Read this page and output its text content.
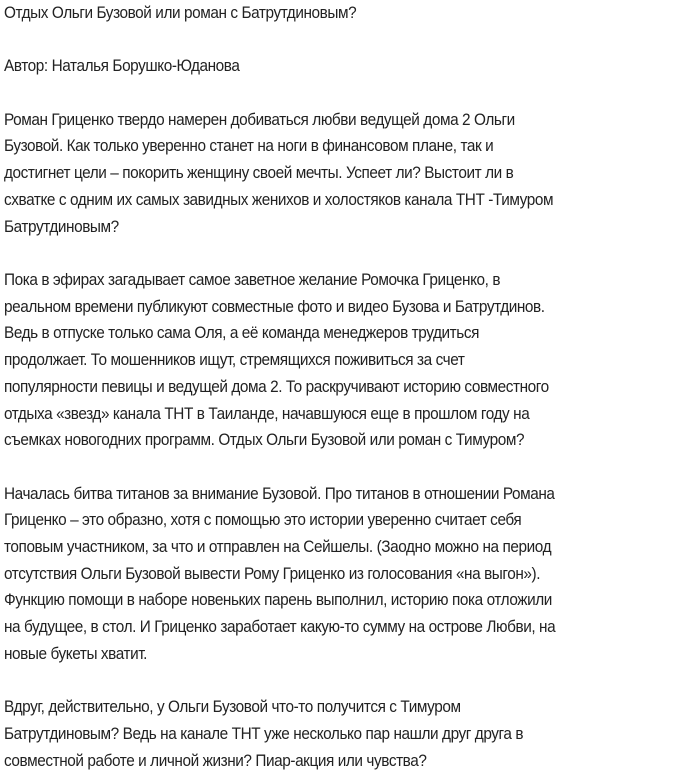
Отдых Ольги Бузовой или роман с Батрутдиновым?
Автор: Наталья Борушко-Юданова
Роман Гриценко твердо намерен добиваться любви ведущей дома 2 Ольги
Бузовой. Как только уверенно станет на ноги в финансовом плане, так и
достигнет цели – покорить женщину своей мечты. Успеет ли? Выстоит ли в
схватке с одним их самых завидных женихов и холостяков канала ТНТ -Тимуром
Батрутдиновым?
Пока в эфирах загадывает самое заветное желание Ромочка Гриценко, в
реальном времени публикуют совместные фото и видео Бузова и Батрутдинов.
Ведь в отпуске только сама Оля, а её команда менеджеров трудиться
продолжает. То мошенников ищут, стремящихся поживиться за счет
популярности певицы и ведущей дома 2. То раскручивают историю совместного
отдыха «звезд» канала ТНТ в Таиланде, начавшуюся еще в прошлом году на
съемках новогодних программ. Отдых Ольги Бузовой или роман с Тимуром?
Началась битва титанов за внимание Бузовой. Про титанов в отношении Романа
Гриценко – это образно, хотя с помощью это истории уверенно считает себя
топовым участником, за что и отправлен на Сейшелы. (Заодно можно на период
отсутствия Ольги Бузовой вывести Рому Гриценко из голосования «на выгон»).
Функцию помощи в наборе новеньких парень выполнил, историю пока отложили
на будущее, в стол. И Гриценко заработает какую-то сумму на острове Любви, на
новые букеты хватит.
Вдруг, действительно, у Ольги Бузовой что-то получится с Тимуром
Батрутдиновым? Ведь на канале ТНТ уже несколько пар нашли друг друга в
совместной работе и личной жизни? Пиар-акция или чувства?
